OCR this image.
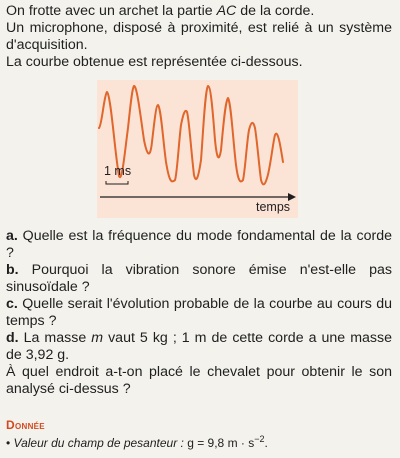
On frotte avec un archet la partie AC de la corde.

Un microphone, disposé à proximité, est relié à un système d'acquisition.

La courbe obtenue est représentée ci-dessous.

1 ms
temps

a. Quelle est la fréquence du mode fondamental de la corde ?

b. Pourquoi la vibration sonore émise n'est-elle pas sinusoïdale ?

c. Quelle serait l'évolution probable de la courbe au cours du temps ?

d. La masse m vaut 5 kg ; 1 m de cette corde a une masse de 3,92 g.

À quel endroit a-t-on placé le chevalet pour obtenir le son analysé ci-dessus ?

Donnée

• Valeur du champ de pesanteur : g = 9,8 $m \cdot s^{-2}$.
